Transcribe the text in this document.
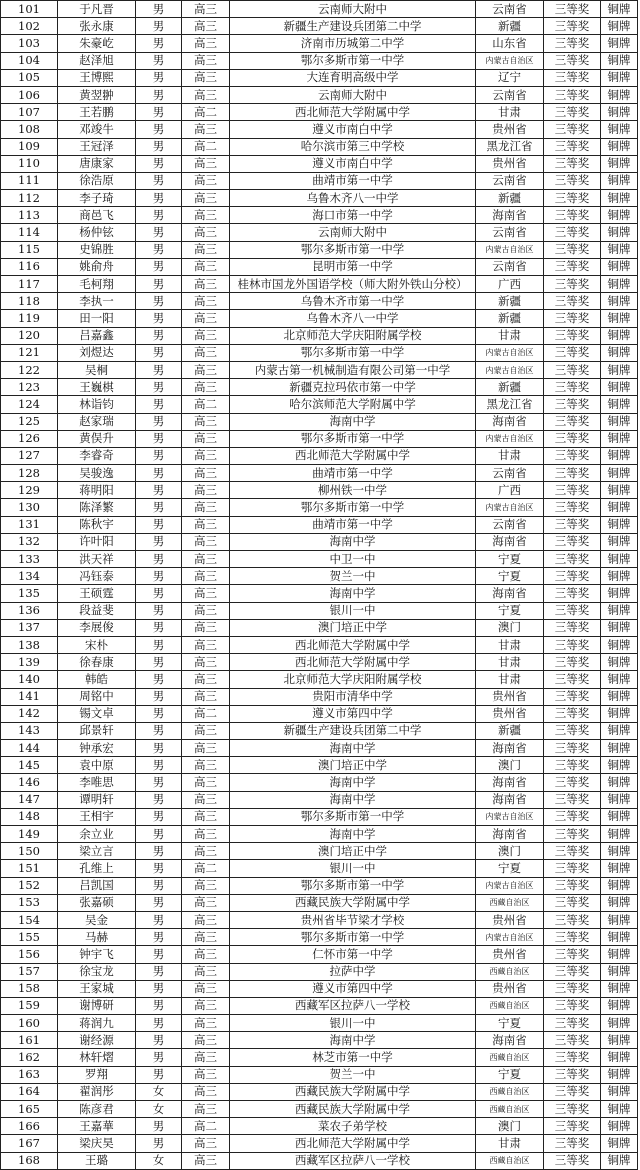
101	于凡晋	男	高三	云南师大附中	云南省	三等奖	铜牌
102	张永康	男	高三	新疆生产建设兵团第二中学	新疆	三等奖	铜牌
103	朱豪屹	男	高三	济南市历城第二中学	山东省	三等奖	铜牌
104	赵泽旭	男	高三	鄂尔多斯市第一中学	内蒙古自治区	三等奖	铜牌
105	王博熙	男	高三	大连育明高级中学	辽宁	三等奖	铜牌
106	黄翌翀	男	高三	云南师大附中	云南省	三等奖	铜牌
107	王若鹏	男	高二	西北师范大学附属中学	甘肃	三等奖	铜牌
108	邓竣牛	男	高三	遵义市南白中学	贵州省	三等奖	铜牌
109	王冠泽	男	高二	哈尔滨市第三中学校	黑龙江省	三等奖	铜牌
110	唐康家	男	高三	遵义市南白中学	贵州省	三等奖	铜牌
111	徐浩原	男	高三	曲靖市第一中学	云南省	三等奖	铜牌
112	李子琦	男	高三	乌鲁木齐八一中学	新疆	三等奖	铜牌
113	商邑飞	男	高三	海口市第一中学	海南省	三等奖	铜牌
114	杨仲铉	男	高三	云南师大附中	云南省	三等奖	铜牌
115	史锦胜	男	高三	鄂尔多斯市第一中学	内蒙古自治区	三等奖	铜牌
116	姚俞舟	男	高三	昆明市第一中学	云南省	三等奖	铜牌
117	毛柯翔	男	高三	桂林市国龙外国语学校（师大附外铁山分校）	广西	三等奖	铜牌
118	李执一	男	高三	乌鲁木齐市第一中学	新疆	三等奖	铜牌
119	田一阳	男	高三	乌鲁木齐八一中学	新疆	三等奖	铜牌
120	吕嘉鑫	男	高三	北京师范大学庆阳附属学校	甘肃	三等奖	铜牌
121	刘煜达	男	高三	鄂尔多斯市第一中学	内蒙古自治区	三等奖	铜牌
122	吴桐	男	高三	内蒙古第一机械制造有限公司第一中学	内蒙古自治区	三等奖	铜牌
123	王巍棋	男	高三	新疆克拉玛依市第一中学	新疆	三等奖	铜牌
124	林诣钧	男	高二	哈尔滨师范大学附属中学	黑龙江省	三等奖	铜牌
125	赵家瑞	男	高三	海南中学	海南省	三等奖	铜牌
126	黄俣升	男	高三	鄂尔多斯市第一中学	内蒙古自治区	三等奖	铜牌
127	李睿奇	男	高三	西北师范大学附属中学	甘肃	三等奖	铜牌
128	吴骏逸	男	高三	曲靖市第一中学	云南省	三等奖	铜牌
129	蒋明阳	男	高三	柳州铁一中学	广西	三等奖	铜牌
130	陈泽繁	男	高三	鄂尔多斯市第一中学	内蒙古自治区	三等奖	铜牌
131	陈秋宇	男	高三	曲靖市第一中学	云南省	三等奖	铜牌
132	许叶阳	男	高三	海南中学	海南省	三等奖	铜牌
133	洪天祥	男	高三	中卫一中	宁夏	三等奖	铜牌
134	冯钰泰	男	高三	贺兰一中	宁夏	三等奖	铜牌
135	王硕霆	男	高三	海南中学	海南省	三等奖	铜牌
136	段益斐	男	高三	银川一中	宁夏	三等奖	铜牌
137	李展俊	男	高三	澳门培正中学	澳门	三等奖	铜牌
138	宋朴	男	高三	西北师范大学附属中学	甘肃	三等奖	铜牌
139	徐春康	男	高三	西北师范大学附属中学	甘肃	三等奖	铜牌
140	韩皓	男	高三	北京师范大学庆阳附属学校	甘肃	三等奖	铜牌
141	周铭中	男	高三	贵阳市清华中学	贵州省	三等奖	铜牌
142	锡文卓	男	高二	遵义市第四中学	贵州省	三等奖	铜牌
143	邱景轩	男	高三	新疆生产建设兵团第二中学	新疆	三等奖	铜牌
144	钟承宏	男	高三	海南中学	海南省	三等奖	铜牌
145	袁中原	男	高三	澳门培正中学	澳门	三等奖	铜牌
146	李唯思	男	高三	海南中学	海南省	三等奖	铜牌
147	谭明轩	男	高三	海南中学	海南省	三等奖	铜牌
148	王相宇	男	高三	鄂尔多斯市第一中学	内蒙古自治区	三等奖	铜牌
149	余立业	男	高三	海南中学	海南省	三等奖	铜牌
150	梁立言	男	高三	澳门培正中学	澳门	三等奖	铜牌
151	孔维上	男	高二	银川一中	宁夏	三等奖	铜牌
152	吕凯国	男	高三	鄂尔多斯市第一中学	内蒙古自治区	三等奖	铜牌
153	张嘉硕	男	高三	西藏民族大学附属中学	西藏自治区	三等奖	铜牌
154	吴金	男	高三	贵州省毕节梁才学校	贵州省	三等奖	铜牌
155	马赫	男	高三	鄂尔多斯市第一中学	内蒙古自治区	三等奖	铜牌
156	钟宇飞	男	高三	仁怀市第一中学	贵州省	三等奖	铜牌
157	徐宝龙	男	高三	拉萨中学	西藏自治区	三等奖	铜牌
158	王家城	男	高三	遵义市第四中学	贵州省	三等奖	铜牌
159	谢博研	男	高三	西藏军区拉萨八一学校	西藏自治区	三等奖	铜牌
160	蒋润九	男	高三	银川一中	宁夏	三等奖	铜牌
161	谢经源	男	高三	海南中学	海南省	三等奖	铜牌
162	林轩熠	男	高三	林芝市第一中学	西藏自治区	三等奖	铜牌
163	罗翔	男	高三	贺兰一中	宁夏	三等奖	铜牌
164	翟润彤	女	高三	西藏民族大学附属中学	西藏自治区	三等奖	铜牌
165	陈彦君	女	高三	西藏民族大学附属中学	西藏自治区	三等奖	铜牌
166	王嘉華	男	高二	菜农子弟学校	澳门	三等奖	铜牌
167	梁庆昊	男	高三	西北师范大学附属中学	甘肃	三等奖	铜牌
168	王璐	女	高三	西藏军区拉萨八一学校	西藏自治区	三等奖	铜牌
